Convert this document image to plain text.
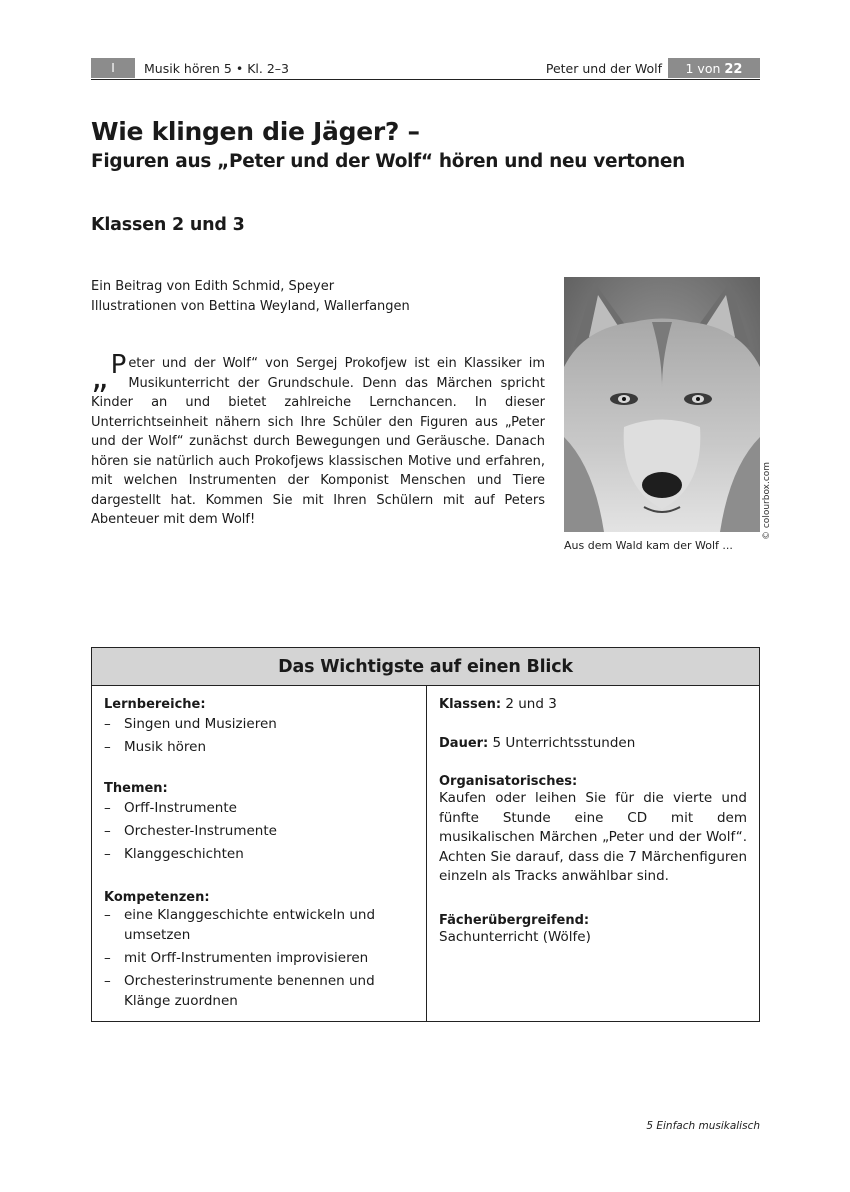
I	Musik hören 5 • Kl. 2–3	Peter und der Wolf	1 von 22
Wie klingen die Jäger? –
Figuren aus „Peter und der Wolf“ hören und neu vertonen
Klassen 2 und 3
Ein Beitrag von Edith Schmid, Speyer
Illustrationen von Bettina Weyland, Wallerfangen
„ P eter und der Wolf“ von Sergej Prokofjew ist ein Klassiker im Musikunterricht der Grundschule. Denn das Märchen spricht Kinder an und bietet zahlreiche Lernchancen. In dieser Unterrichtseinheit nähern sich Ihre Schüler den Figuren aus „Peter und der Wolf“ zunächst durch Bewegungen und Geräusche. Danach hören sie natürlich auch Prokofjews klassischen Motive und erfahren, mit welchen Instrumenten der Komponist Menschen und Tiere dargestellt hat. Kommen Sie mit Ihren Schülern mit auf Peters Abenteuer mit dem Wolf!	© colourbox.com
Aus dem Wald kam der Wolf ...
Das Wichtigste auf einen Blick
Lernbereiche:
– Singen und Musizieren
– Musik hören
Themen:
– Orff-Instrumente
– Orchester-Instrumente
– Klanggeschichten
Kompetenzen:
– eine Klanggeschichte entwickeln und umsetzen
– mit Orff-Instrumenten improvisieren
– Orchesterinstrumente benennen und Klänge zuordnen

Klassen: 2 und 3

Dauer: 5 Unterrichtsstunden

Organisatorisches:

Kaufen oder leihen Sie für die vierte und fünfte Stunde eine CD mit dem musikalischen Märchen „Peter und der Wolf“. Achten Sie darauf, dass die 7 Märchenfiguren einzeln als Tracks anwählbar sind.

Fächerübergreifend:

Sachunterricht (Wölfe)

5 Einfach musikalisch
